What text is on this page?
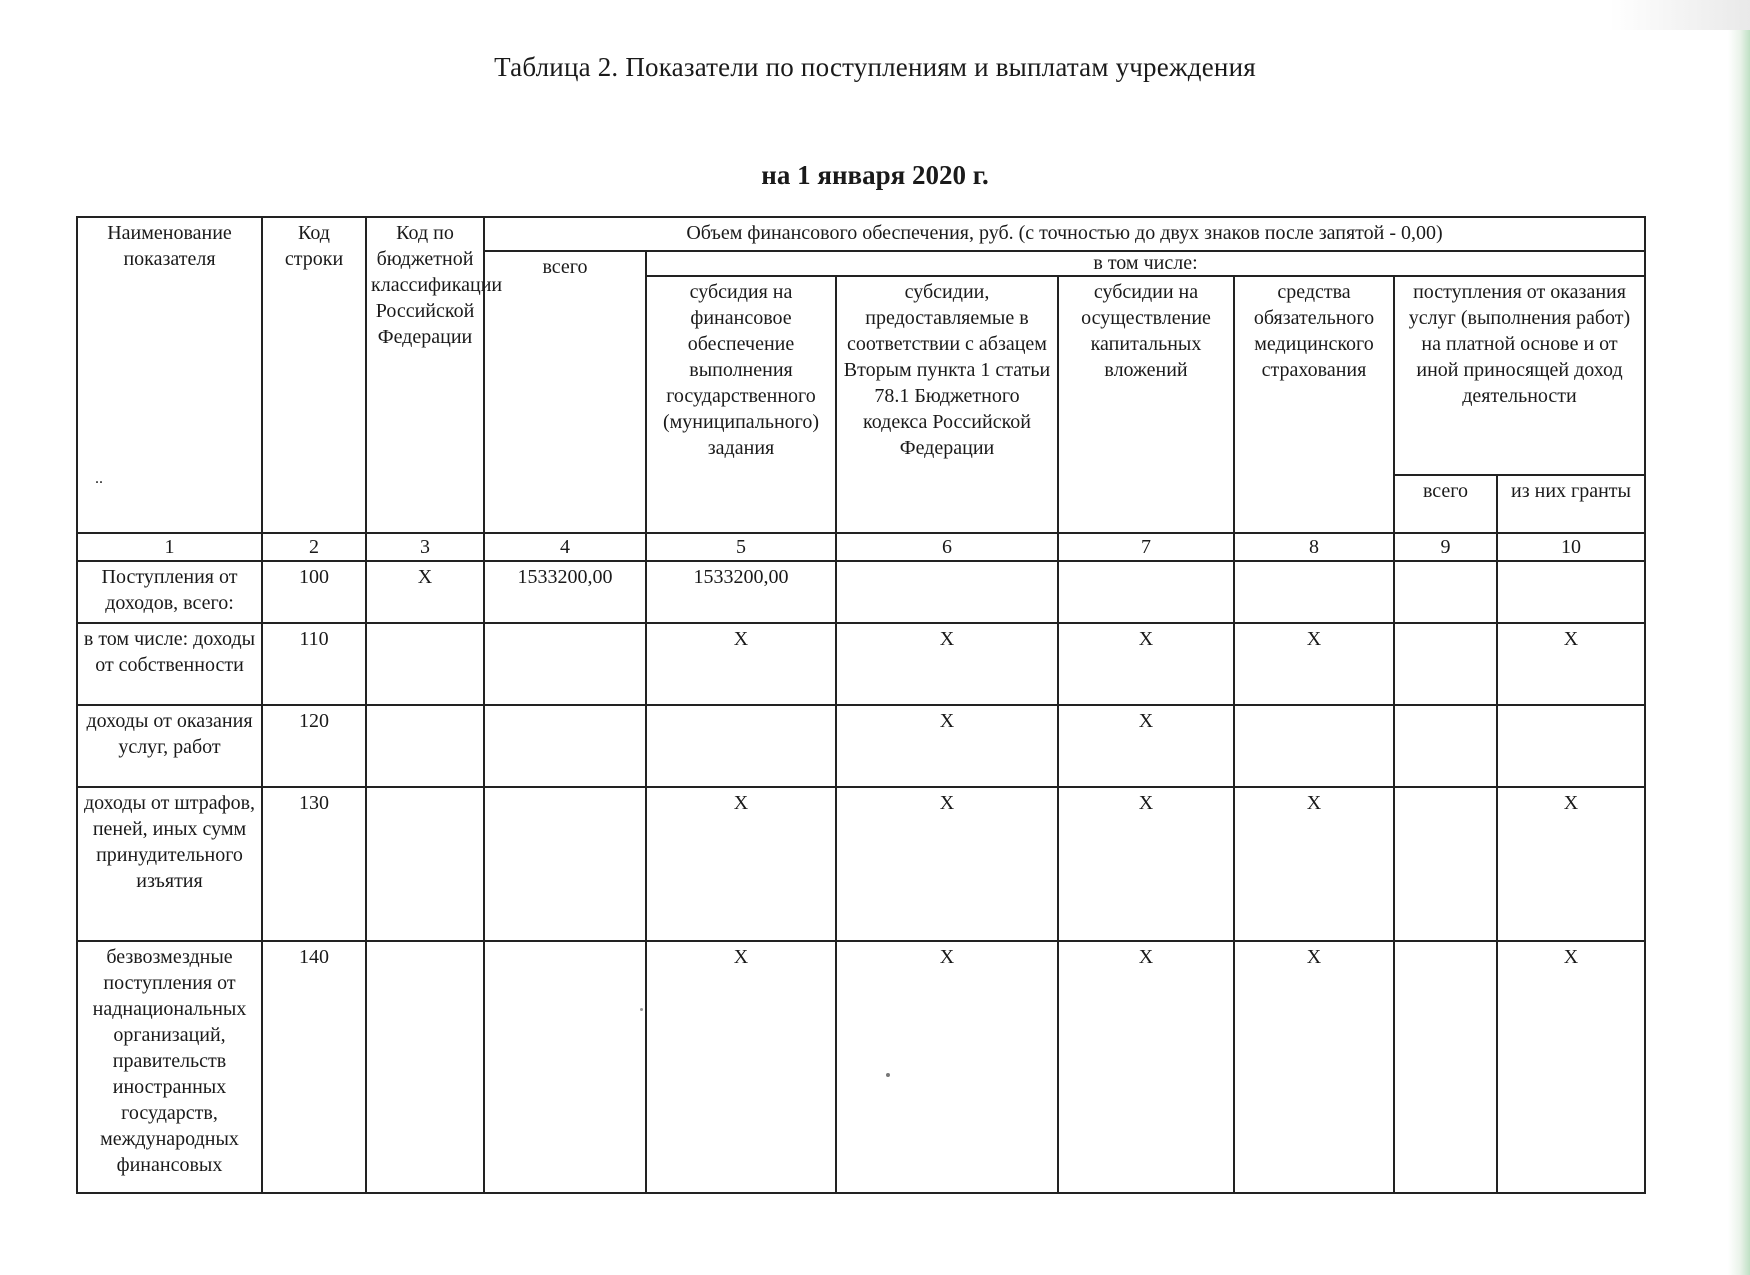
Таблица 2. Показатели по поступлениям и выплатам учреждения
на 1 января 2020 г.
Наименование показателя	Код строки	Код по бюджетной классификации Российской Федерации	Объем финансового обеспечения, руб. (с точностью до двух знаков после запятой - 0,00)						
			всего	в том числе:					
				субсидия на финансовое обеспечение выполнения государственного (муниципального) задания	субсидии, предоставляемые в соответствии с абзацем Вторым пункта 1 статьи 78.1 Бюджетного кодекса Российской Федерации	субсидии на осуществление капитальных вложений	средства обязательного медицинского страхования	поступления от оказания услуг (выполнения работ) на платной основе и от иной приносящей доход деятельности	
								всего	из них гранты
1	2	3	4	5	6	7	8	9	10
Поступления от доходов, всего:	100	X	1533200,00	1533200,00					
в том числе: доходы от собственности	110			X	X	X	X		X
доходы от оказания услуг, работ	120				X	X			
доходы от штрафов, пеней, иных сумм принудительного изъятия	130			X	X	X	X		X
безвозмездные поступления от наднациональных организаций, правительств иностранных государств, международных финансовых	140			X	X	X	X		X
..
